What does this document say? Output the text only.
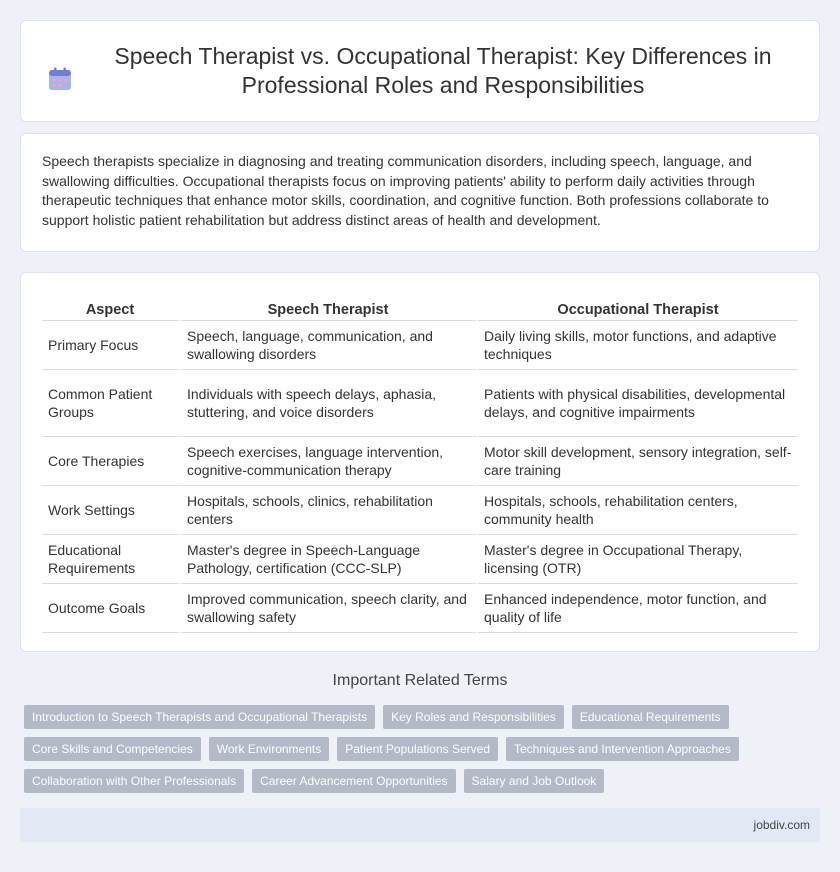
Speech Therapist vs. Occupational Therapist: Key Differences in Professional Roles and Responsibilities

Speech therapists specialize in diagnosing and treating communication disorders, including speech, language, and swallowing difficulties. Occupational therapists focus on improving patients' ability to perform daily activities through therapeutic techniques that enhance motor skills, coordination, and cognitive function. Both professions collaborate to support holistic patient rehabilitation but address distinct areas of health and development.

Aspect	Speech Therapist	Occupational Therapist
Primary Focus	Speech, language, communication, and swallowing disorders	Daily living skills, motor functions, and adaptive techniques
Common Patient Groups	Individuals with speech delays, aphasia, stuttering, and voice disorders	Patients with physical disabilities, developmental delays, and cognitive impairments
Core Therapies	Speech exercises, language intervention, cognitive-communication therapy	Motor skill development, sensory integration, self-care training
Work Settings	Hospitals, schools, clinics, rehabilitation centers	Hospitals, schools, rehabilitation centers, community health
Educational Requirements	Master's degree in Speech-Language Pathology, certification (CCC-SLP)	Master's degree in Occupational Therapy, licensing (OTR)
Outcome Goals	Improved communication, speech clarity, and swallowing safety	Enhanced independence, motor function, and quality of life
Important Related Terms
Introduction to Speech Therapists and Occupational Therapists	Key Roles and Responsibilities	Educational Requirements
Core Skills and Competencies	Work Environments	Patient Populations Served	Techniques and Intervention Approaches
Collaboration with Other Professionals	Career Advancement Opportunities	Salary and Job Outlook
jobdiv.com
